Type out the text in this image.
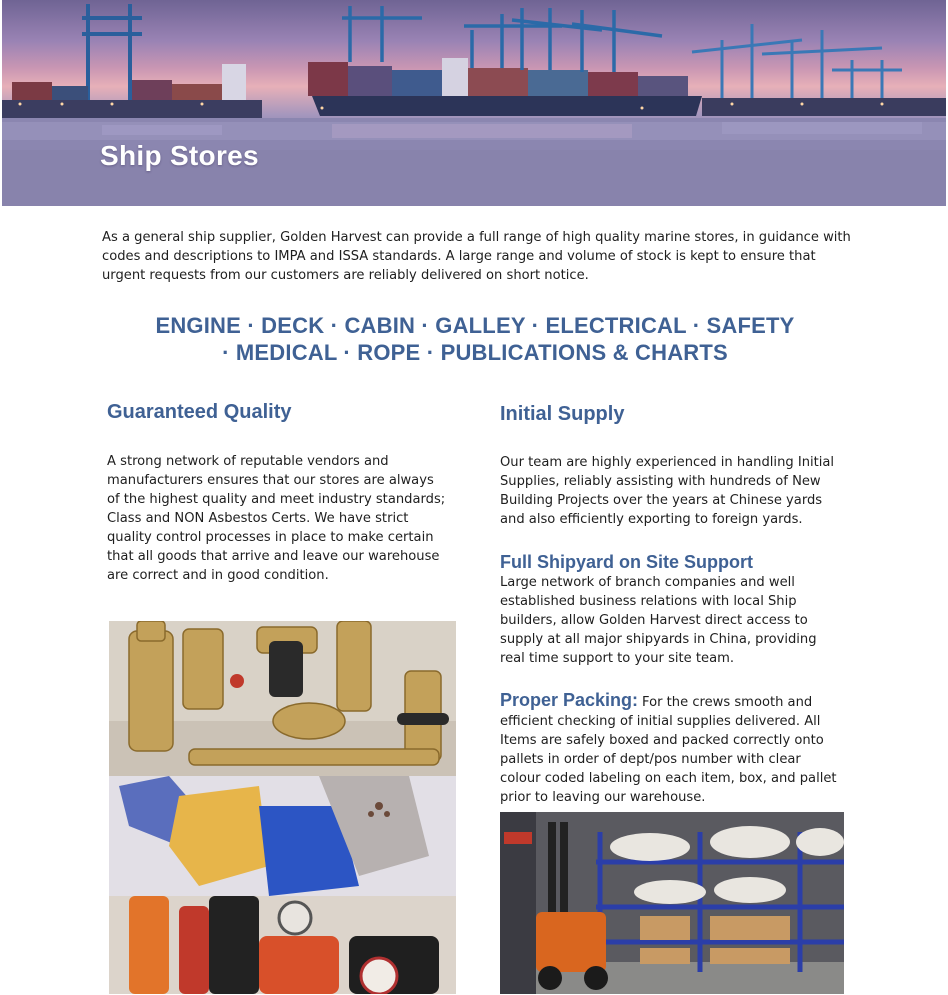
Ship Stores
As a general ship supplier, Golden Harvest can provide a full range of high quality marine stores, in guidance with codes and descriptions to IMPA and ISSA standards. A large range and volume of stock is kept to ensure that urgent requests from our customers are reliably delivered on short notice.
ENGINE · DECK · CABIN · GALLEY · ELECTRICAL · SAFETY
· MEDICAL · ROPE · PUBLICATIONS & CHARTS
Guaranteed Quality
A strong network of reputable vendors and manufacturers ensures that our stores are always of the highest quality and meet industry standards; Class and NON Asbestos Certs. We have strict quality control processes in place to make certain that all goods that arrive and leave our warehouse are correct and in good condition.
Initial Supply
Our team are highly experienced in handling Initial Supplies, reliably assisting with hundreds of New Building Projects over the years at Chinese yards and also efficiently exporting to foreign yards.
Full Shipyard on Site Support
Large network of branch companies and well established business relations with local Ship builders, allow Golden Harvest direct access to supply at all major shipyards in China, providing real time support to your site team.
Proper Packing: For the crews smooth and efficient checking of initial supplies delivered. All Items are safely boxed and packed correctly onto pallets in order of dept/pos number with clear colour coded labeling on each item, box, and pallet prior to leaving our warehouse.
